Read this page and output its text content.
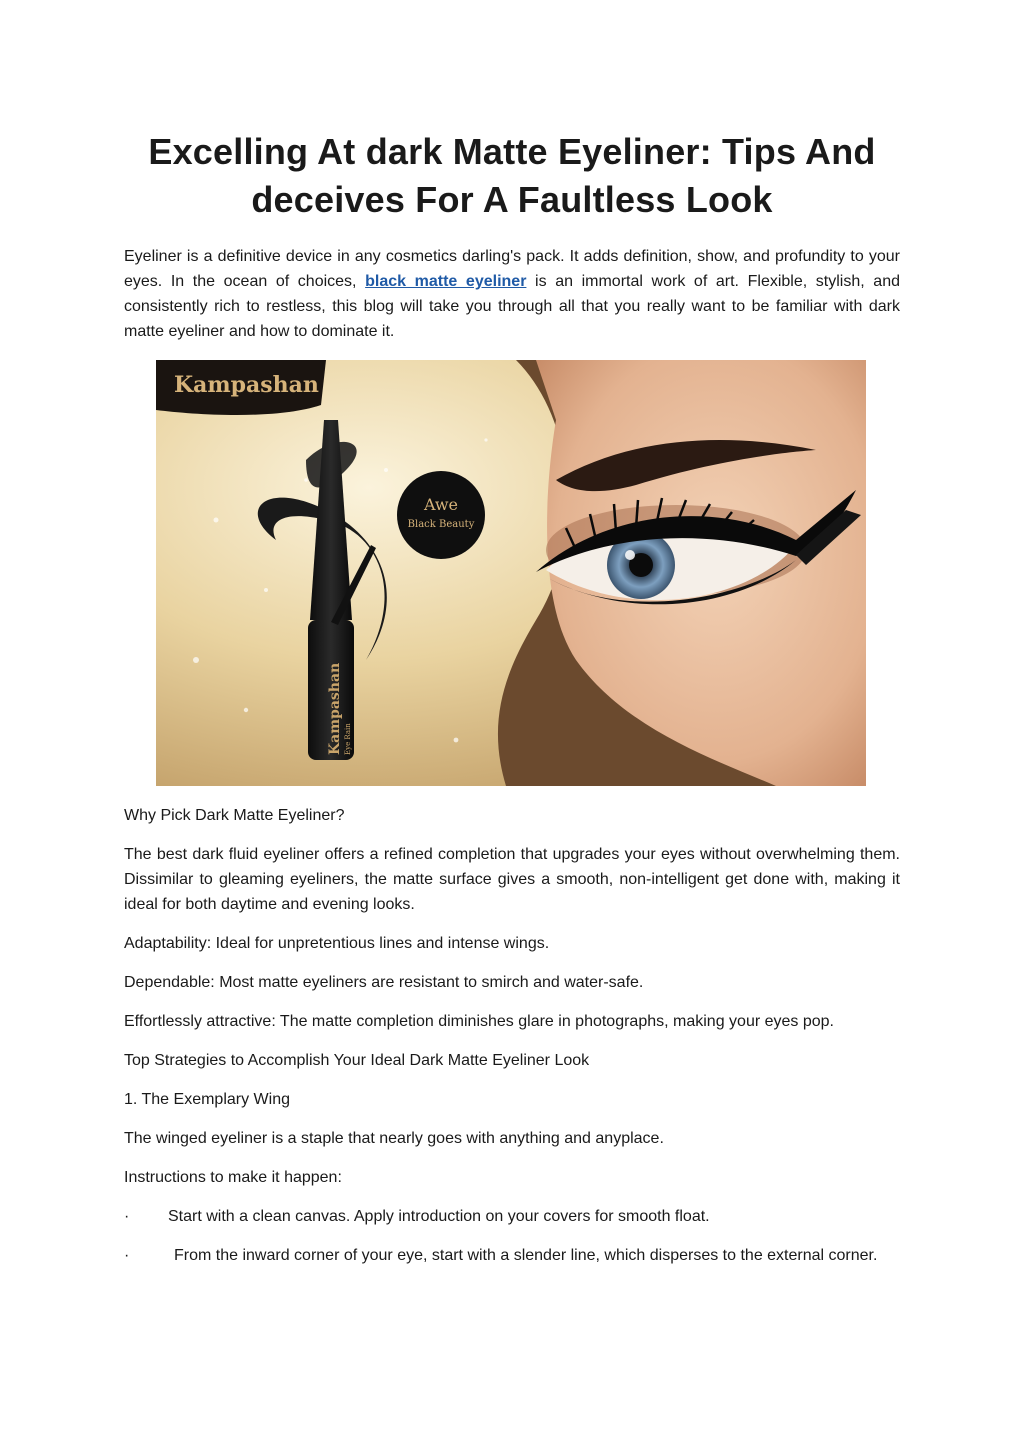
Excelling At dark Matte Eyeliner: Tips And
deceives For A Faultless Look

Eyeliner is a definitive device in any cosmetics darling's pack. It adds definition, show, and profundity to your eyes. In the ocean of choices, black matte eyeliner is an immortal work of art. Flexible, stylish, and consistently rich to restless, this blog will take you through all that you really want to be familiar with dark matte eyeliner and how to dominate it.

Kampashan
Awe
Black Beauty
Kampashan Eye Rain

Why Pick Dark Matte Eyeliner?

The best dark fluid eyeliner offers a refined completion that upgrades your eyes without overwhelming them. Dissimilar to gleaming eyeliners, the matte surface gives a smooth, non-intelligent get done with, making it ideal for both daytime and evening looks.

Adaptability: Ideal for unpretentious lines and intense wings.

Dependable: Most matte eyeliners are resistant to smirch and water-safe.

Effortlessly attractive: The matte completion diminishes glare in photographs, making your eyes pop.

Top Strategies to Accomplish Your Ideal Dark Matte Eyeliner Look

1. The Exemplary Wing

The winged eyeliner is a staple that nearly goes with anything and anyplace.

Instructions to make it happen:

· Start with a clean canvas. Apply introduction on your covers for smooth float.

·	From the inward corner of your eye, start with a slender line, which disperses to the external corner.
